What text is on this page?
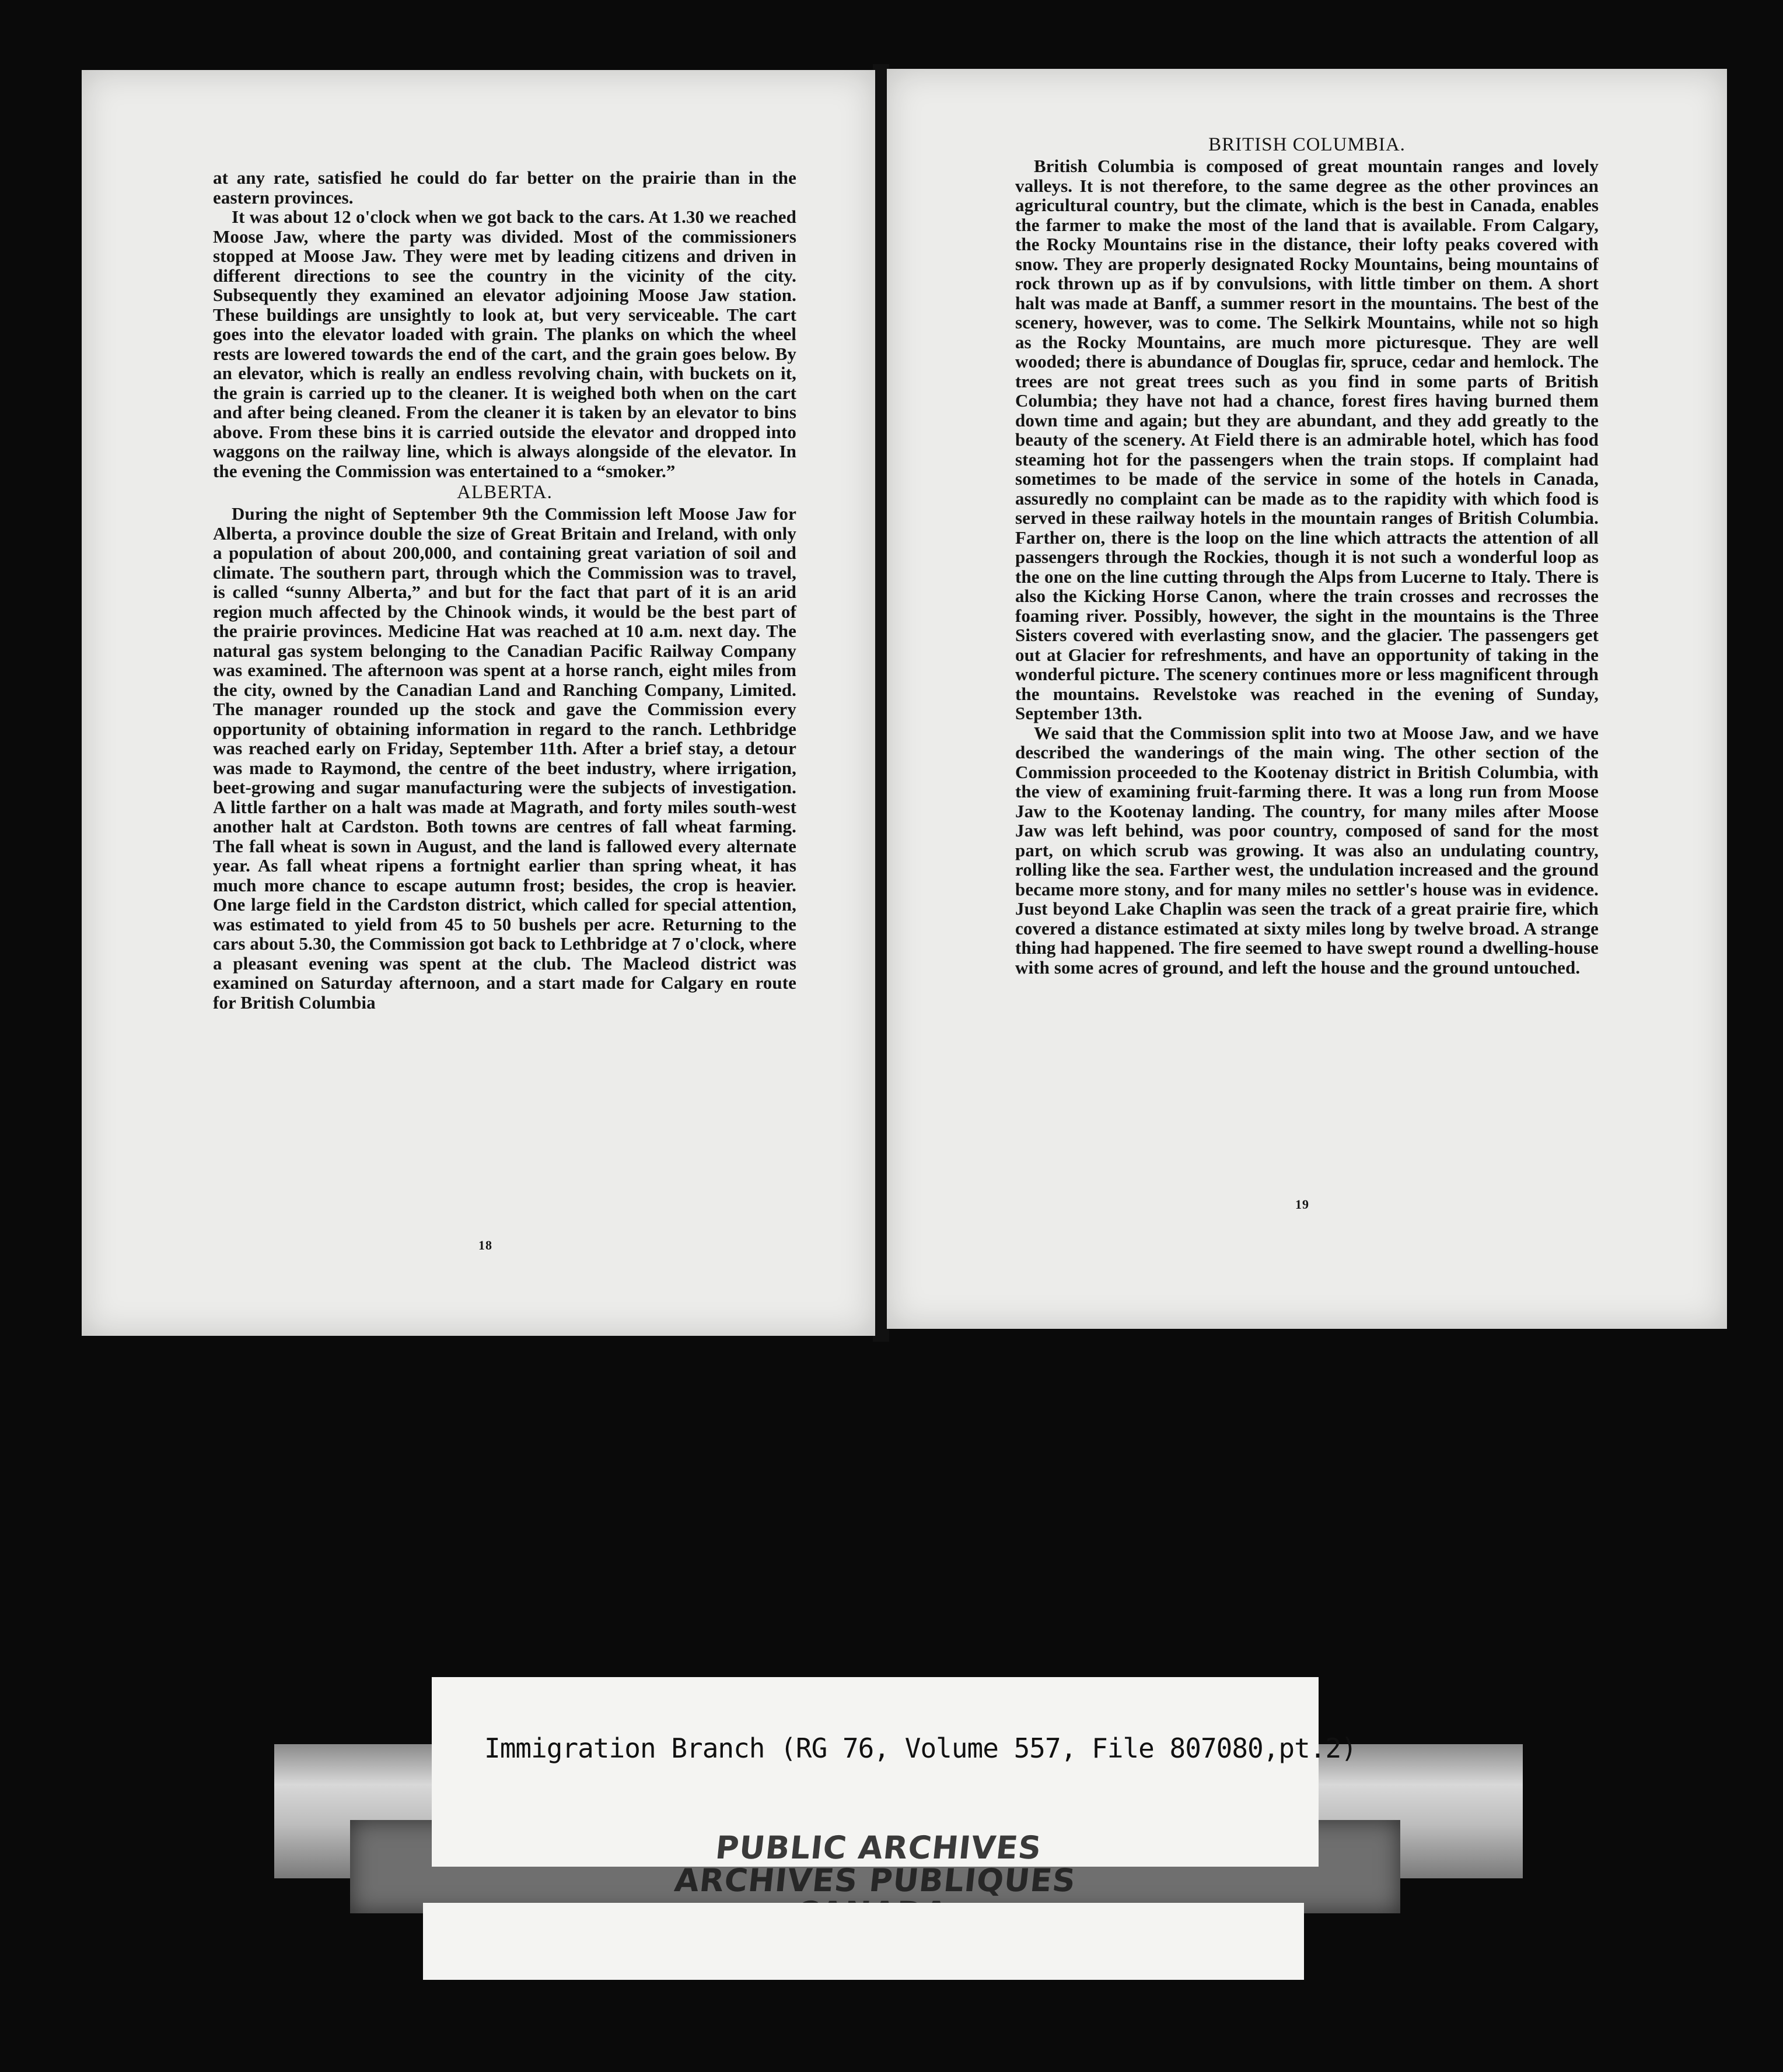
at any rate, satisfied he could do far better on the prairie than in the eastern provinces.

It was about 12 o'clock when we got back to the cars. At 1.30 we reached Moose Jaw, where the party was divided. Most of the commissioners stopped at Moose Jaw. They were met by leading citizens and driven in different directions to see the country in the vicinity of the city. Subsequently they examined an elevator adjoining Moose Jaw station. These buildings are unsightly to look at, but very serviceable. The cart goes into the elevator loaded with grain. The planks on which the wheel rests are lowered towards the end of the cart, and the grain goes below. By an elevator, which is really an endless revolving chain, with buckets on it, the grain is carried up to the cleaner. It is weighed both when on the cart and after being cleaned. From the cleaner it is taken by an elevator to bins above. From these bins it is carried outside the elevator and dropped into waggons on the railway line, which is always alongside of the elevator. In the evening the Commission was entertained to a “smoker.”

ALBERTA.

During the night of September 9th the Commission left Moose Jaw for Alberta, a province double the size of Great Britain and Ireland, with only a population of about 200,000, and containing great variation of soil and climate. The southern part, through which the Commission was to travel, is called “sunny Alberta,” and but for the fact that part of it is an arid region much affected by the Chinook winds, it would be the best part of the prairie provinces. Medicine Hat was reached at 10 a.m. next day. The natural gas system belonging to the Canadian Pacific Railway Company was examined. The afternoon was spent at a horse ranch, eight miles from the city, owned by the Canadian Land and Ranching Company, Limited. The manager rounded up the stock and gave the Commission every opportunity of obtaining information in regard to the ranch. Lethbridge was reached early on Friday, September 11th. After a brief stay, a detour was made to Raymond, the centre of the beet industry, where irrigation, beet-growing and sugar manufacturing were the subjects of investigation. A little farther on a halt was made at Magrath, and forty miles south-west another halt at Cardston. Both towns are centres of fall wheat farming. The fall wheat is sown in August, and the land is fallowed every alternate year. As fall wheat ripens a fortnight earlier than spring wheat, it has much more chance to escape autumn frost; besides, the crop is heavier. One large field in the Cardston district, which called for special attention, was estimated to yield from 45 to 50 bushels per acre. Returning to the cars about 5.30, the Commission got back to Lethbridge at 7 o'clock, where a pleasant evening was spent at the club. The Macleod district was examined on Saturday afternoon, and a start made for Calgary en route for British Columbia

18
BRITISH COLUMBIA.

British Columbia is composed of great mountain ranges and lovely valleys. It is not therefore, to the same degree as the other provinces an agricultural country, but the climate, which is the best in Canada, enables the farmer to make the most of the land that is available. From Calgary, the Rocky Mountains rise in the distance, their lofty peaks covered with snow. They are properly designated Rocky Mountains, being mountains of rock thrown up as if by convulsions, with little timber on them. A short halt was made at Banff, a summer resort in the mountains. The best of the scenery, however, was to come. The Selkirk Mountains, while not so high as the Rocky Mountains, are much more picturesque. They are well wooded; there is abundance of Douglas fir, spruce, cedar and hemlock. The trees are not great trees such as you find in some parts of British Columbia; they have not had a chance, forest fires having burned them down time and again; but they are abundant, and they add greatly to the beauty of the scenery. At Field there is an admirable hotel, which has food steaming hot for the passengers when the train stops. If complaint had sometimes to be made of the service in some of the hotels in Canada, assuredly no complaint can be made as to the rapidity with which food is served in these railway hotels in the mountain ranges of British Columbia. Farther on, there is the loop on the line which attracts the attention of all passengers through the Rockies, though it is not such a wonderful loop as the one on the line cutting through the Alps from Lucerne to Italy. There is also the Kicking Horse Canon, where the train crosses and recrosses the foaming river. Possibly, however, the sight in the mountains is the Three Sisters covered with everlasting snow, and the glacier. The passengers get out at Glacier for refreshments, and have an opportunity of taking in the wonderful picture. The scenery continues more or less magnificent through the mountains. Revelstoke was reached in the evening of Sunday, September 13th.

We said that the Commission split into two at Moose Jaw, and we have described the wanderings of the main wing. The other section of the Commission proceeded to the Kootenay district in British Columbia, with the view of examining fruit-farming there. It was a long run from Moose Jaw to the Kootenay landing. The country, for many miles after Moose Jaw was left behind, was poor country, composed of sand for the most part, on which scrub was growing. It was also an undulating country, rolling like the sea. Farther west, the undulation increased and the ground became more stony, and for many miles no settler's house was in evidence. Just beyond Lake Chaplin was seen the track of a great prairie fire, which covered a distance estimated at sixty miles long by twelve broad. A strange thing had happened. The fire seemed to have swept round a dwelling-house with some acres of ground, and left the house and the ground untouched.

19
Immigration Branch (RG 76, Volume 557, File 807080,pt.2)
PUBLIC ARCHIVES
ARCHIVES PUBLIQUES
